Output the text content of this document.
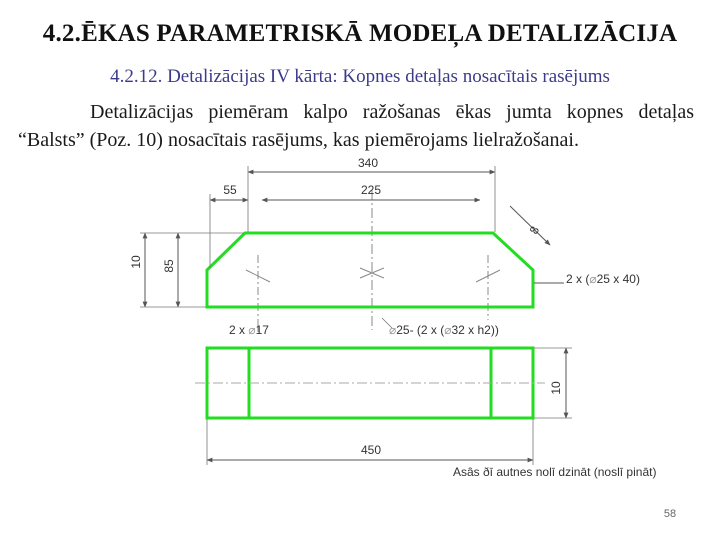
4.2.ĒKAS PARAMETRISKĀ MODEĻA DETALIZĀCIJA
4.2.12. Detalizācijas IV kārta: Kopnes detaļas nosacītais rasējums
Detalizācijas piemēram kalpo ražošanas ēkas jumta kopnes detaļas “Balsts” (Poz. 10) nosacītais rasējums, kas piemērojams lielražošanai.
340
225
55
8
10 85
2 x (⌀25 x 40)
2 x ⌀17	⌀25- (2 x (⌀32 x h2))
10
450
Asâs ðī autnes nolī dzināt (noslī pināt)
58
